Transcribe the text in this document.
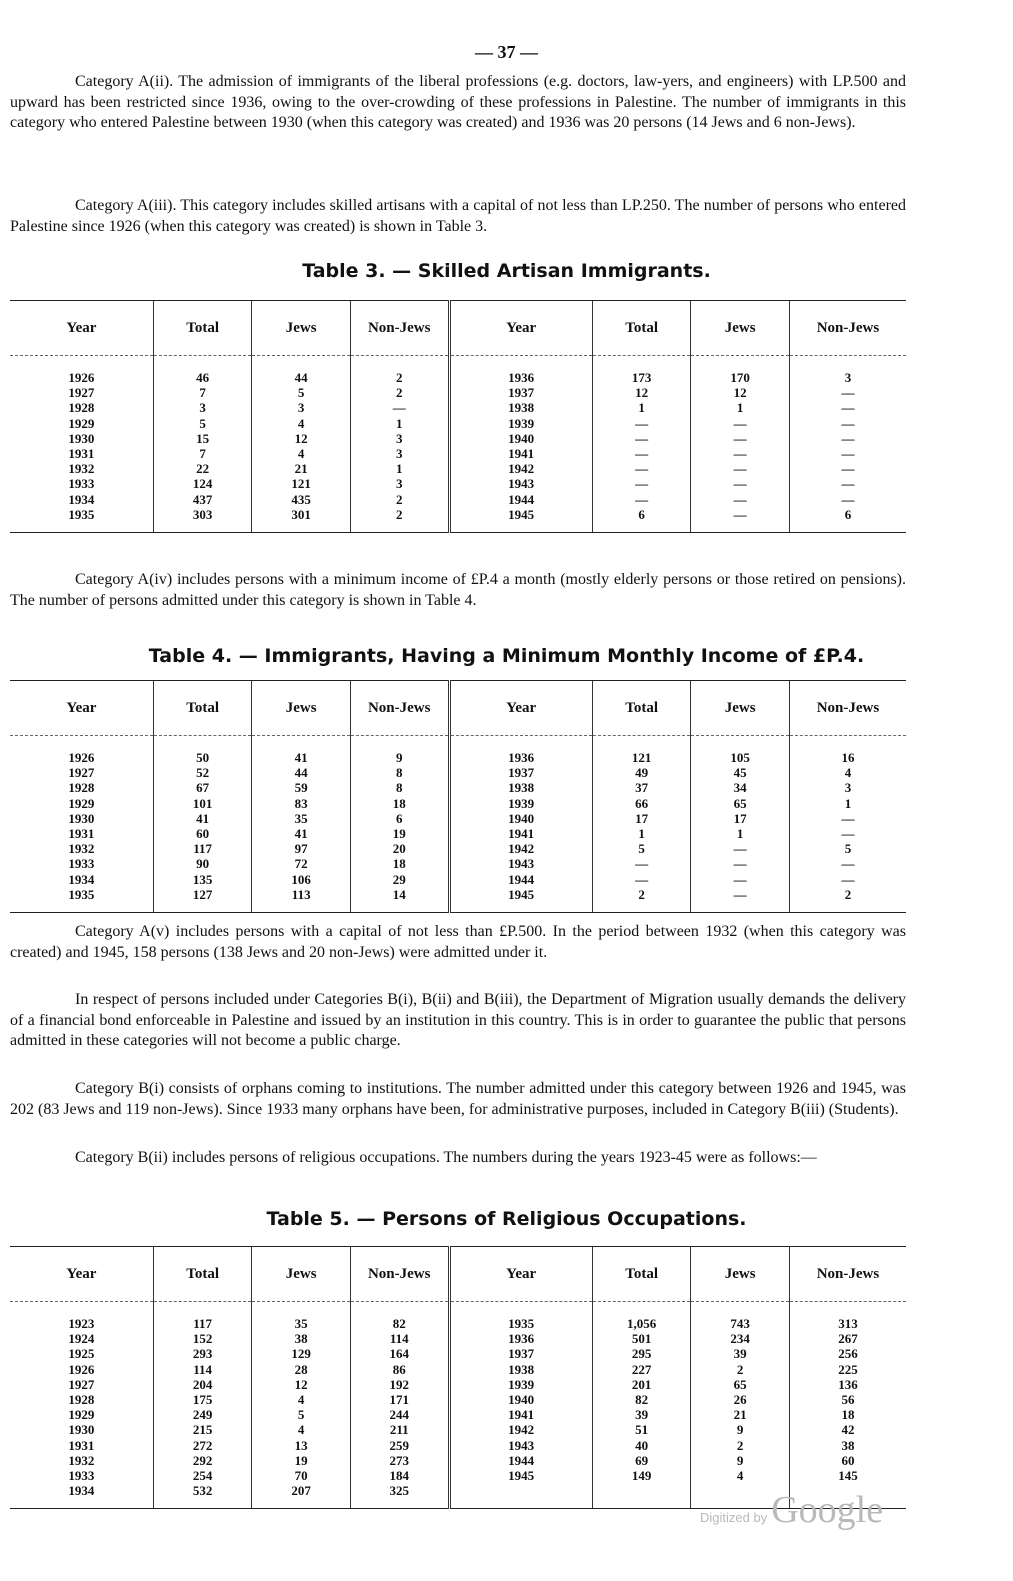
— 37 —

Category A(ii). The admission of immigrants of the liberal professions (e.g. doctors, law-yers, and engineers) with LP.500 and upward has been restricted since 1936, owing to the over-crowding of these professions in Palestine. The number of immigrants in this category who entered Palestine between 1930 (when this category was created) and 1936 was 20 persons (14 Jews and 6 non-Jews).

Category A(iii). This category includes skilled artisans with a capital of not less than LP.250. The number of persons who entered Palestine since 1926 (when this category was created) is shown in Table 3.

Table 3. — Skilled Artisan Immigrants.
Year	Total	Jews	Non-Jews	Year	Total	Jews	Non-Jews
1926	46	44	2	1936	173	170	3
1927	7	5	2	1937	12	12	—
1928	3	3	—	1938	1	1	—
1929	5	4	1	1939	—	—	—
1930	15	12	3	1940	—	—	—
1931	7	4	3	1941	—	—	—
1932	22	21	1	1942	—	—	—
1933	124	121	3	1943	—	—	—
1934	437	435	2	1944	—	—	—
1935	303	301	2	1945	6	—	6

Category A(iv) includes persons with a minimum income of £P.4 a month (mostly elderly persons or those retired on pensions). The number of persons admitted under this category is shown in Table 4.

Table 4. — Immigrants, Having a Minimum Monthly Income of £P.4.
Year	Total	Jews	Non-Jews	Year	Total	Jews	Non-Jews
1926	50	41	9	1936	121	105	16
1927	52	44	8	1937	49	45	4
1928	67	59	8	1938	37	34	3
1929	101	83	18	1939	66	65	1
1930	41	35	6	1940	17	17	—
1931	60	41	19	1941	1	1	—
1932	117	97	20	1942	5	—	5
1933	90	72	18	1943	—	—	—
1934	135	106	29	1944	—	—	—
1935	127	113	14	1945	2	—	2

Category A(v) includes persons with a capital of not less than £P.500. In the period between 1932 (when this category was created) and 1945, 158 persons (138 Jews and 20 non-Jews) were admitted under it.

In respect of persons included under Categories B(i), B(ii) and B(iii), the Department of Migration usually demands the delivery of a financial bond enforceable in Palestine and issued by an institution in this country. This is in order to guarantee the public that persons admitted in these categories will not become a public charge.

Category B(i) consists of orphans coming to institutions. The number admitted under this category between 1926 and 1945, was 202 (83 Jews and 119 non-Jews). Since 1933 many orphans have been, for administrative purposes, included in Category B(iii) (Students).

Category B(ii) includes persons of religious occupations. The numbers during the years 1923-45 were as follows:—

Table 5. — Persons of Religious Occupations.
Year	Total	Jews	Non-Jews	Year	Total	Jews	Non-Jews
1923	117	35	82	1935	1,056	743	313
1924	152	38	114	1936	501	234	267
1925	293	129	164	1937	295	39	256
1926	114	28	86	1938	227	2	225
1927	204	12	192	1939	201	65	136
1928	175	4	171	1940	82	26	56
1929	249	5	244	1941	39	21	18
1930	215	4	211	1942	51	9	42
1931	272	13	259	1943	40	2	38
1932	292	19	273	1944	69	9	60
1933	254	70	184	1945	149	4	145
1934	532	207	325				
Digitized by Google
